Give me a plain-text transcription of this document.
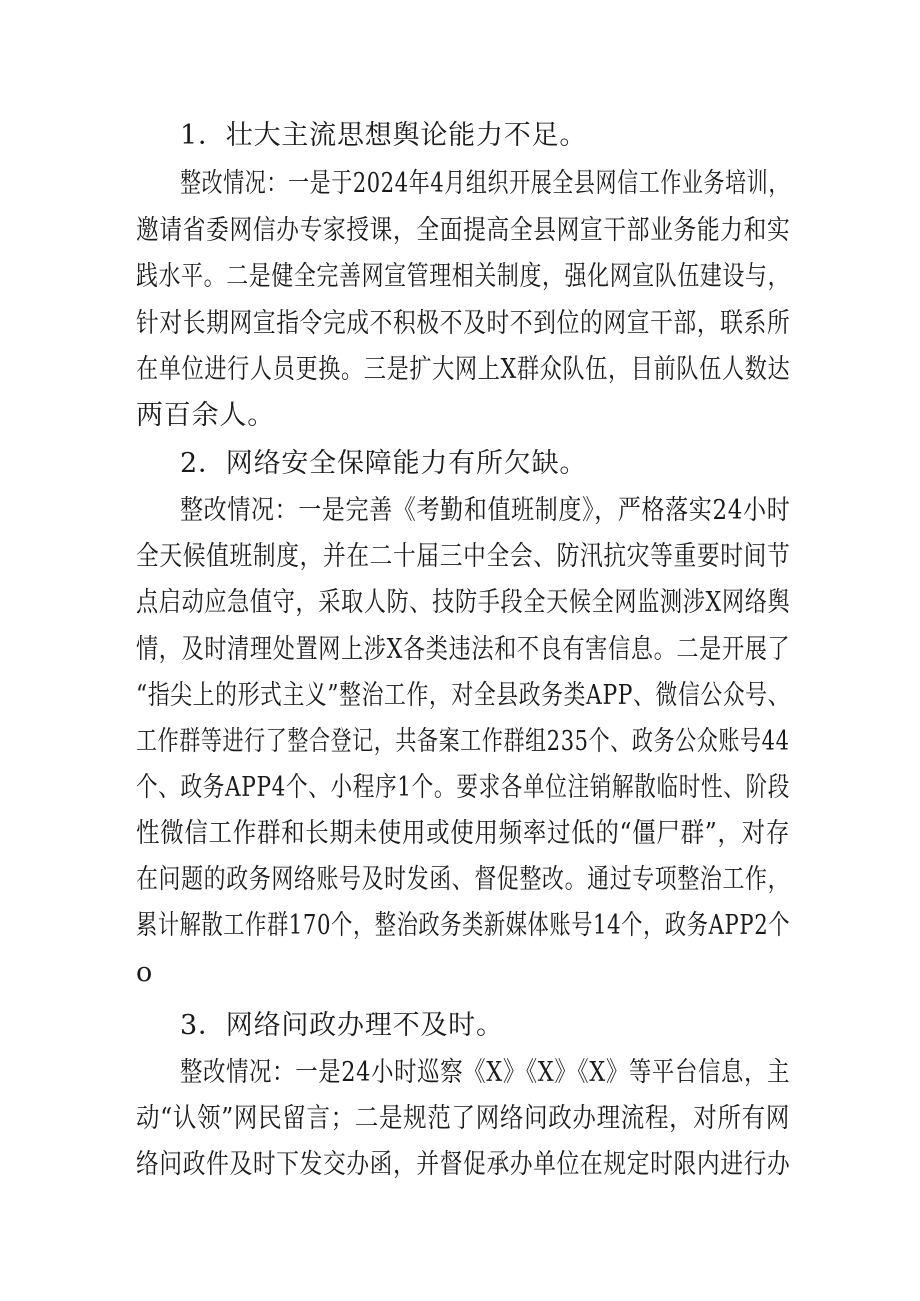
1．壮大主流思想舆论能力不足。

整改情况：一是于2024年4月组织开展全县网信工作业务培训，

邀请省委网信办专家授课，全面提高全县网宣干部业务能力和实

践水平。二是健全完善网宣管理相关制度，强化网宣队伍建设与，

针对长期网宣指令完成不积极不及时不到位的网宣干部，联系所

在单位进行人员更换。三是扩大网上X群众队伍，目前队伍人数达

两百余人。

2．网络安全保障能力有所欠缺。

整改情况：一是完善《考勤和值班制度》，严格落实24小时

全天候值班制度，并在二十届三中全会、防汛抗灾等重要时间节

点启动应急值守，采取人防、技防手段全天候全网监测涉X网络舆

情，及时清理处置网上涉X各类违法和不良有害信息。二是开展了

“指尖上的形式主义”整治工作，对全县政务类APP、微信公众号、

工作群等进行了整合登记，共备案工作群组235个、政务公众账号44

个、政务APP4个、小程序1个。要求各单位注销解散临时性、阶段

性微信工作群和长期未使用或使用频率过低的“僵尸群”，对存

在问题的政务网络账号及时发函、督促整改。通过专项整治工作，

累计解散工作群170个，整治政务类新媒体账号14个，政务APP2个

o

3．网络问政办理不及时。

整改情况：一是24小时巡察《X》《X》《X》等平台信息，主

动“认领”网民留言；二是规范了网络问政办理流程，对所有网

络问政件及时下发交办函，并督促承办单位在规定时限内进行办
